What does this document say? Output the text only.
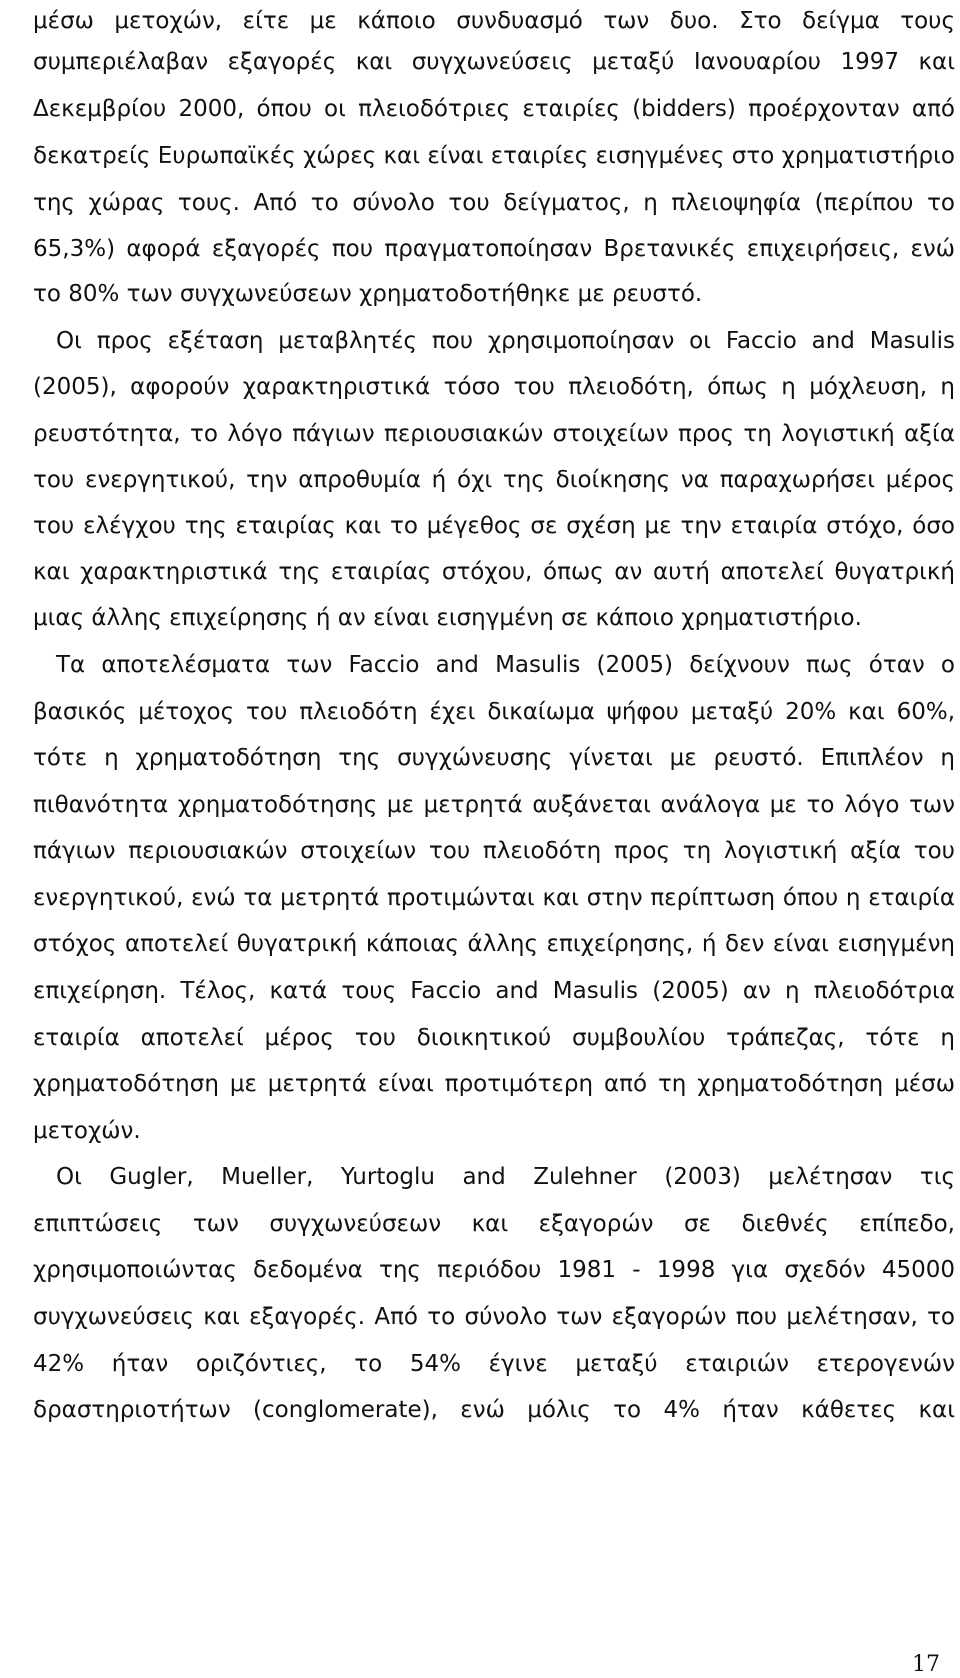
μέσω μετοχών, είτε με κάποιο συνδυασμό των δυο. Στο δείγμα τους
συμπεριέλαβαν εξαγορές και συγχωνεύσεις μεταξύ Ιανουαρίου 1997 και
Δεκεμβρίου 2000, όπου οι πλειοδότριες εταιρίες (bidders) προέρχονταν από
δεκατρείς Ευρωπαϊκές χώρες και είναι εταιρίες εισηγμένες στο χρηματιστήριο
της χώρας τους. Από το σύνολο του δείγματος, η πλειοψηφία (περίπου το
65,3%) αφορά εξαγορές που πραγματοποίησαν Βρετανικές επιχειρήσεις, ενώ
το 80% των συγχωνεύσεων χρηματοδοτήθηκε με ρευστό.
Οι προς εξέταση μεταβλητές που χρησιμοποίησαν οι Faccio and Masulis
(2005), αφορούν χαρακτηριστικά τόσο του πλειοδότη, όπως η μόχλευση, η
ρευστότητα, το λόγο πάγιων περιουσιακών στοιχείων προς τη λογιστική αξία
του ενεργητικού, την απροθυμία ή όχι της διοίκησης να παραχωρήσει μέρος
του ελέγχου της εταιρίας και το μέγεθος σε σχέση με την εταιρία στόχο, όσο
και χαρακτηριστικά της εταιρίας στόχου, όπως αν αυτή αποτελεί θυγατρική
μιας άλλης επιχείρησης ή αν είναι εισηγμένη σε κάποιο χρηματιστήριο.
Τα αποτελέσματα των Faccio and Masulis (2005) δείχνουν πως όταν ο
βασικός μέτοχος του πλειοδότη έχει δικαίωμα ψήφου μεταξύ 20% και 60%,
τότε η χρηματοδότηση της συγχώνευσης γίνεται με ρευστό. Επιπλέον η
πιθανότητα χρηματοδότησης με μετρητά αυξάνεται ανάλογα με το λόγο των
πάγιων περιουσιακών στοιχείων του πλειοδότη προς τη λογιστική αξία του
ενεργητικού, ενώ τα μετρητά προτιμώνται και στην περίπτωση όπου η εταιρία
στόχος αποτελεί θυγατρική κάποιας άλλης επιχείρησης, ή δεν είναι εισηγμένη
επιχείρηση. Τέλος, κατά τους Faccio and Masulis (2005) αν η πλειοδότρια
εταιρία αποτελεί μέρος του διοικητικού συμβουλίου τράπεζας, τότε η
χρηματοδότηση με μετρητά είναι προτιμότερη από τη χρηματοδότηση μέσω
μετοχών.
Οι Gugler, Mueller, Yurtoglu and Zulehner (2003) μελέτησαν τις
επιπτώσεις των συγχωνεύσεων και εξαγορών σε διεθνές επίπεδο,
χρησιμοποιώντας δεδομένα της περιόδου 1981 - 1998 για σχεδόν 45000
συγχωνεύσεις και εξαγορές. Από το σύνολο των εξαγορών που μελέτησαν, το
42% ήταν οριζόντιες, το 54% έγινε μεταξύ εταιριών ετερογενών
δραστηριοτήτων (conglomerate), ενώ μόλις το 4% ήταν κάθετες και
17
